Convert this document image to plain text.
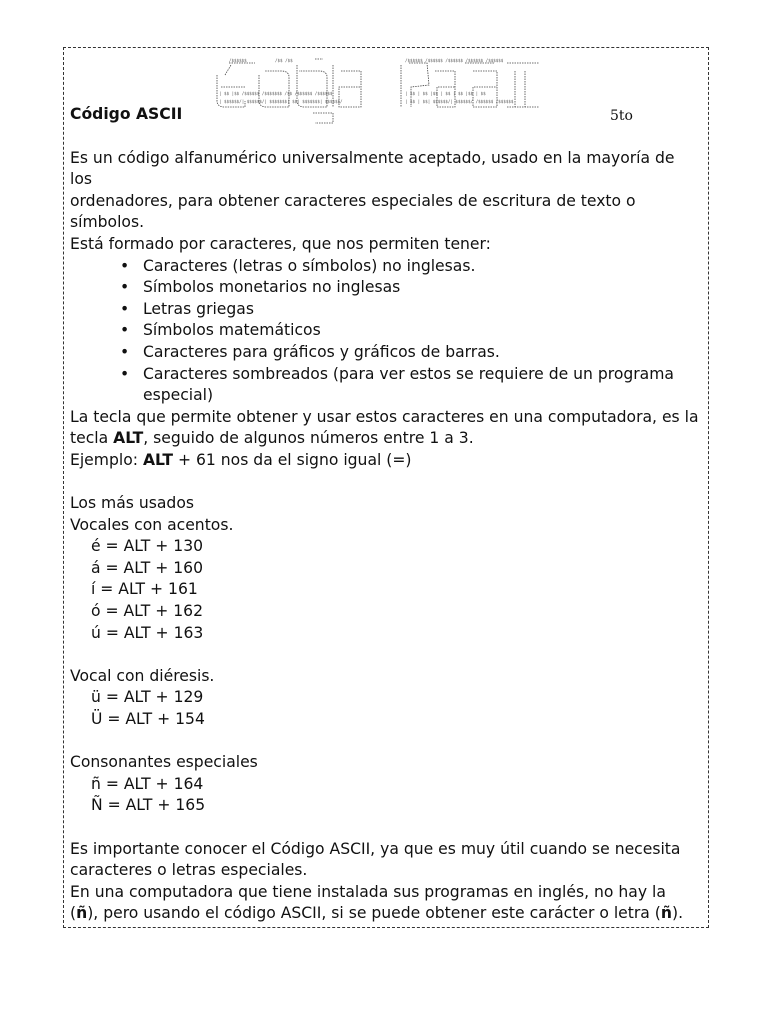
/$$$$$$	/$$ /$$	/$$$$$$ /$$$$$$ /$$$$$$ /$$$$$$ /$$$$$$
| $$ |$$ /$$$$$$ /$$$$$$$ /$$ /$$$$$$ /$$$$$$	| $$ | $$ |$$ | $$ | $$ |$$ | $$
| $$$$$$/| $$$$$$/| $$$$$$$| $$| $$$$$$$| $$$$$$/	| $$ | $$| $$$$$$/| $$$$$$/ /$$$$$$ /$$$$$$
Código ASCII	5to

Es un código alfanumérico universalmente aceptado, usado en la mayoría de los

ordenadores, para obtener caracteres especiales de escritura de texto o

símbolos.

Está formado por caracteres, que nos permiten tener:

• Caracteres (letras o símbolos) no inglesas.
• Símbolos monetarios no inglesas
• Letras griegas
• Símbolos matemáticos
• Caracteres para gráficos y gráficos de barras.
• Caracteres sombreados (para ver estos se requiere de un programa

especial)

La tecla que permite obtener y usar estos caracteres en una computadora, es la

tecla ALT, seguido de algunos números entre 1 a 3.

Ejemplo: ALT + 61 nos da el signo igual (=)

Los más usados

Vocales con acentos.

é = ALT + 130

á = ALT + 160

í = ALT + 161

ó = ALT + 162

ú = ALT + 163

Vocal con diéresis.

ü = ALT + 129

Ü = ALT + 154

Consonantes especiales

ñ = ALT + 164

Ñ = ALT + 165

Es importante conocer el Código ASCII, ya que es muy útil cuando se necesita

caracteres o letras especiales.

En una computadora que tiene instalada sus programas en inglés, no hay la

(ñ), pero usando el código ASCII, si se puede obtener este carácter o letra (ñ).
